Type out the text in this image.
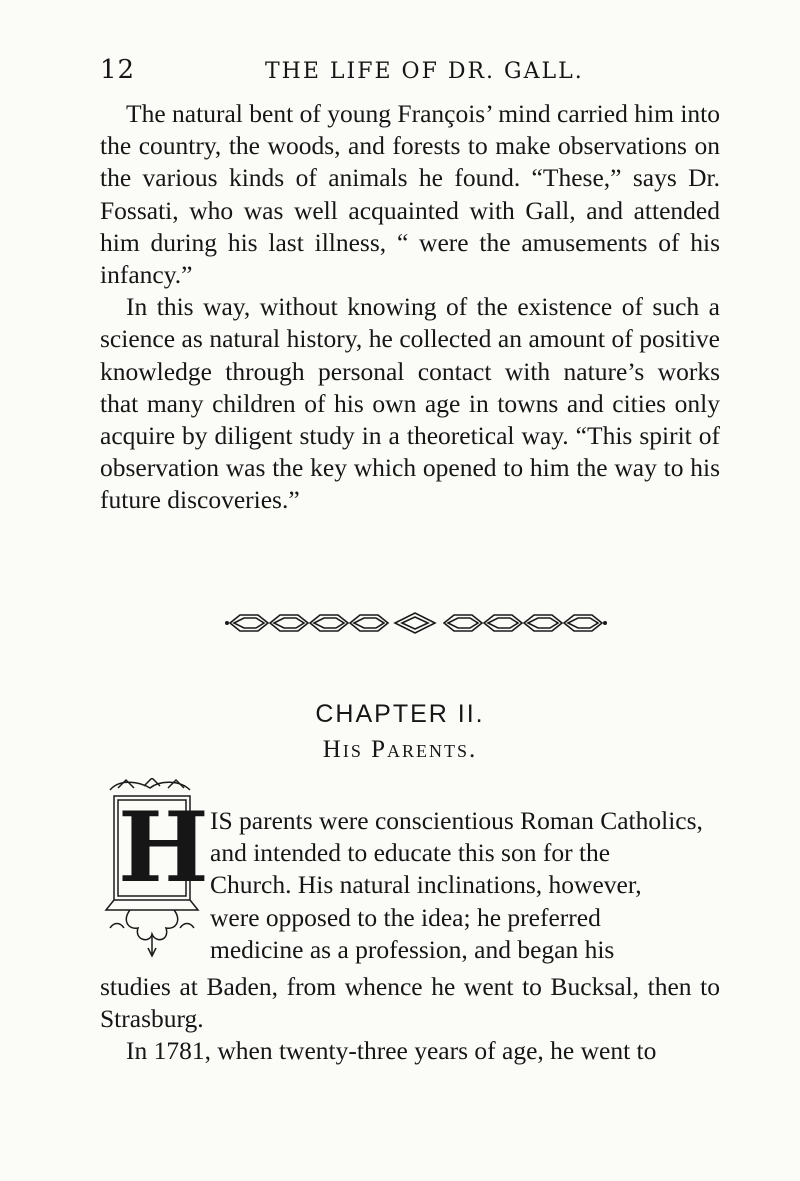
12	THE LIFE OF DR. GALL.

The natural bent of young François’ mind carried him into the country, the woods, and forests to make observations on the various kinds of animals he found. “These,” says Dr. Fossati, who was well acquainted with Gall, and attended him during his last illness, “ were the amusements of his infancy.”

In this way, without knowing of the existence of such a science as natural history, he collected an amount of positive knowledge through personal contact with nature’s works that many children of his own age in towns and cities only acquire by diligent study in a theoretical way. “This spirit of observation was the key which opened to him the way to his future discoveries.”

CHAPTER II.
His Parents.
H IS parents were conscientious Roman Catholics,
and intended to educate this son for the
Church. His natural inclinations, however,
were opposed to the idea; he preferred
medicine as a profession, and began his

studies at Baden, from whence he went to Bucksal, then to Strasburg.

In 1781, when twenty-three years of age, he went to
